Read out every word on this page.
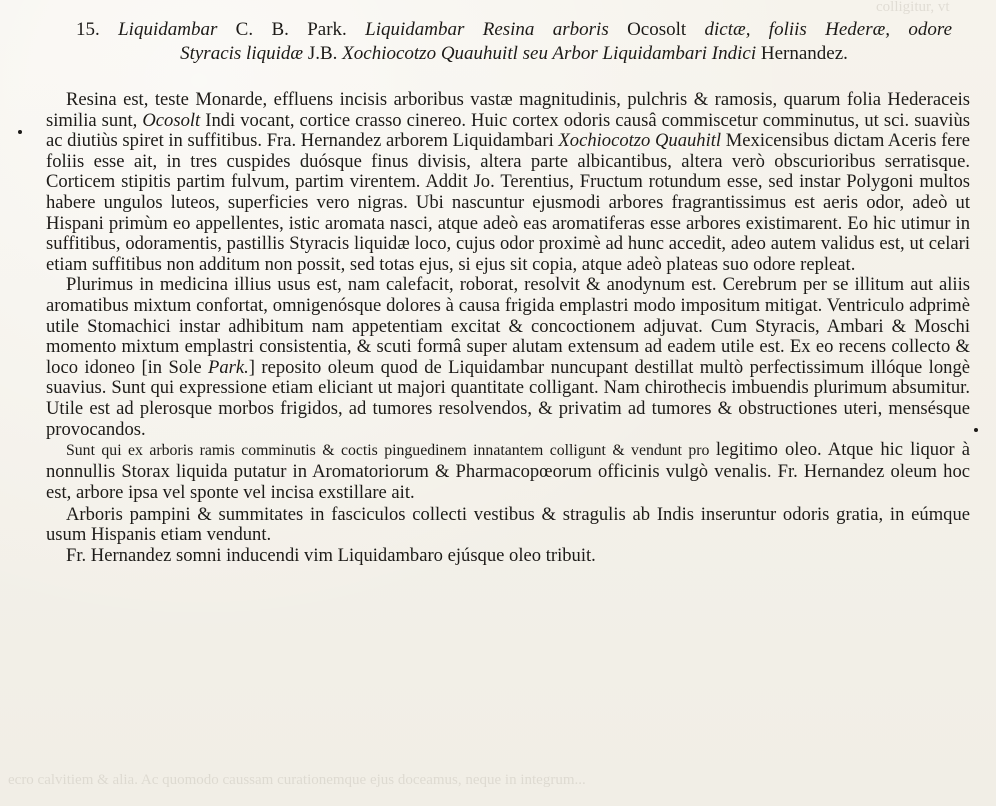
colligitur, vt
15. Liquidambar C. B. Park. Liquidambar Resina arboris Ocosolt dictæ, foliis Hederæ, odore
Styracis liquidæ J.B. Xochiocotzo Quauhuitl seu Arbor Liquidambari Indici Hernandez.

Resina est, teste Monarde, effluens incisis arboribus vastæ magnitudinis, pulchris & ramosis, quarum folia Hederaceis similia sunt, Ocosolt Indi vocant, cortice crasso cinereo. Huic cortex odoris causâ commiscetur comminutus, ut sci. suaviùs ac diutiùs spiret in suffitibus. Fra. Hernandez arborem Liquidambari Xochiocotzo Quauhitl Mexicensibus dictam Aceris fere foliis esse ait, in tres cuspides duósque finus divisis, altera parte albicantibus, altera verò obscurioribus serratisque. Corticem stipitis partim fulvum, partim virentem. Addit Jo. Terentius, Fructum rotundum esse, sed instar Polygoni multos habere ungulos luteos, superficies vero nigras. Ubi nascuntur ejusmodi arbores fragrantissimus est aeris odor, adeò ut Hispani primùm eo appellentes, istic aromata nasci, atque adeò eas aromatiferas esse arbores existimarent. Eo hic utimur in suffitibus, odoramentis, pastillis Styracis liquidæ loco, cujus odor proximè ad hunc accedit, adeo autem validus est, ut celari etiam suffitibus non additum non possit, sed totas ejus, si ejus sit copia, atque adeò plateas suo odore repleat.

Plurimus in medicina illius usus est, nam calefacit, roborat, resolvit & anodynum est. Cerebrum per se illitum aut aliis aromatibus mixtum confortat, omnigenósque dolores à causa frigida emplastri modo impositum mitigat. Ventriculo adprimè utile Stomachici instar adhibitum nam appetentiam excitat & concoctionem adjuvat. Cum Styracis, Ambari & Moschi momento mixtum emplastri consistentia, & scuti formâ super alutam extensum ad eadem utile est. Ex eo recens collecto & loco idoneo [in Sole Park.] reposito oleum quod de Liquidambar nuncupant destillat multò perfectissimum illóque longè suavius. Sunt qui expressione etiam eliciant ut majori quantitate colligant. Nam chirothecis imbuendis plurimum absumitur. Utile est ad plerosque morbos frigidos, ad tumores resolvendos, & privatim ad tumores & obstructiones uteri, mensésque provocandos.

Sunt qui ex arboris ramis comminutis & coctis pinguedinem innatantem colligunt & vendunt pro legitimo oleo. Atque hic liquor à nonnullis Storax liquida putatur in Aromatoriorum & Pharmacopœorum officinis vulgò venalis. Fr. Hernandez oleum hoc est, arbore ipsa vel sponte vel incisa exstillare ait.

Arboris pampini & summitates in fasciculos collecti vestibus & stragulis ab Indis inseruntur odoris gratia, in eúmque usum Hispanis etiam vendunt.

Fr. Hernandez somni inducendi vim Liquidambaro ejúsque oleo tribuit.

ecro calvitiem & alia. Ac quomodo caussam curationemque ejus doceamus, neque in integrum...
